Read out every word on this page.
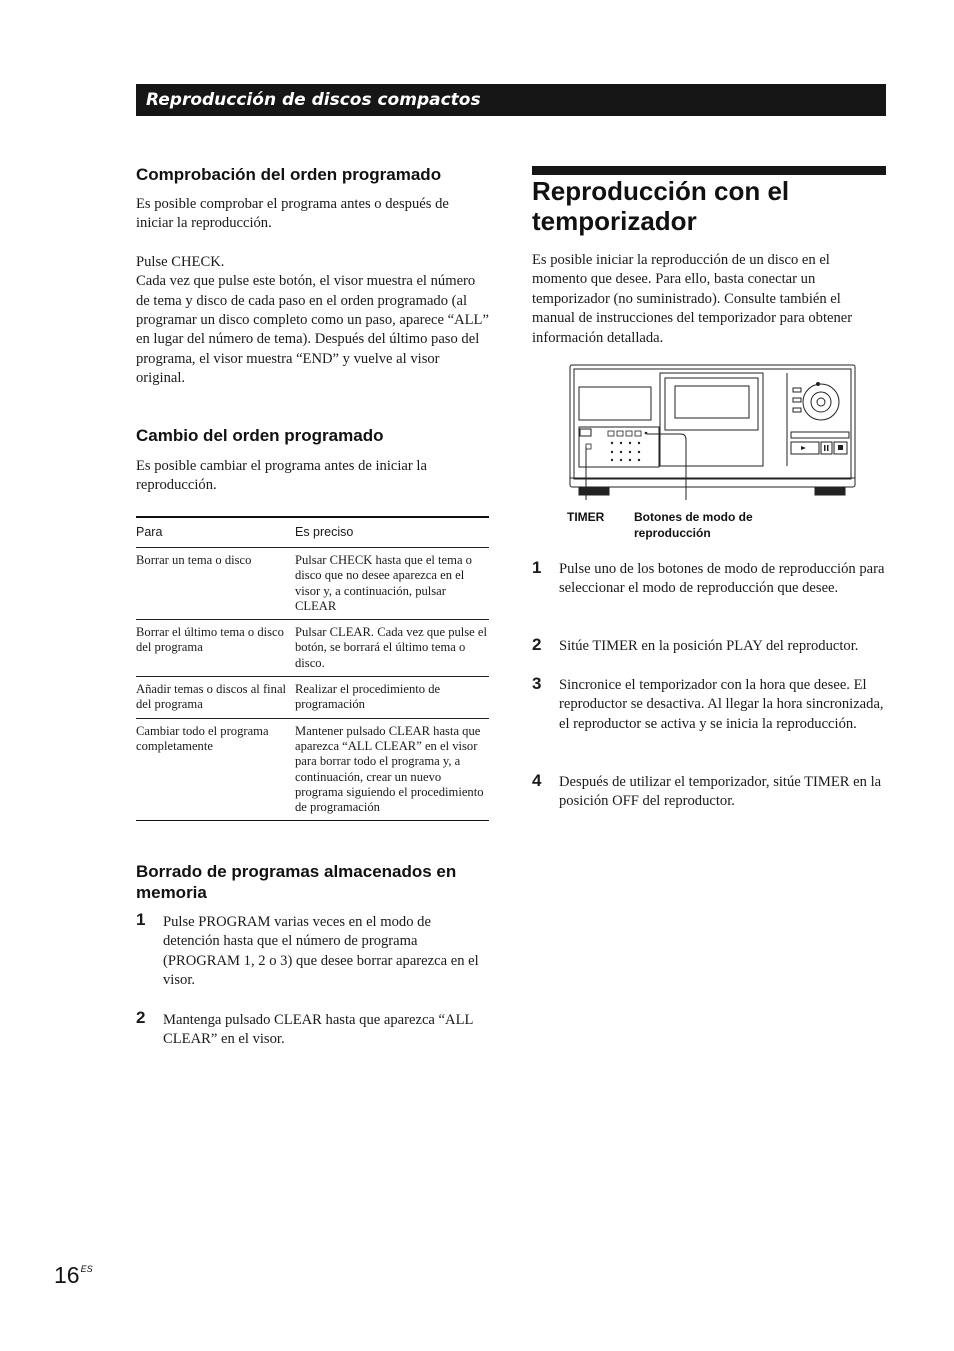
Reproducción de discos compactos
Comprobación del orden programado

Es posible comprobar el programa antes o después de iniciar la reproducción.

Pulse CHECK.

Cada vez que pulse este botón, el visor muestra el número de tema y disco de cada paso en el orden programado (al programar un disco completo como un paso, aparece “ALL” en lugar del número de tema). Después del último paso del programa, el visor muestra “END” y vuelve al visor original.

Cambio del orden programado
Es posible cambiar el programa antes de iniciar la reproducción.
Para	Es preciso
Borrar un tema o disco	Pulsar CHECK hasta que el tema o disco que no desee aparezca en el visor y, a continuación, pulsar CLEAR
Borrar el último tema o disco del programa
Pulsar CLEAR. Cada vez que pulse el botón, se borrará el último tema o disco.
Añadir temas o discos al final del programa
Realizar el procedimiento de programación
Cambiar todo el programa completamente
Mantener pulsado CLEAR hasta que aparezca “ALL CLEAR” en el visor para borrar todo el programa y, a continuación, crear un nuevo programa siguiendo el procedimiento de programación
Borrado de programas almacenados en memoria
1 Pulse PROGRAM varias veces en el modo de detención hasta que el número de programa (PROGRAM 1, 2 o 3) que desee borrar aparezca en el visor.
2 Mantenga pulsado CLEAR hasta que aparezca “ALL CLEAR” en el visor.
Reproducción con el temporizador
Es posible iniciar la reproducción de un disco en el momento que desee. Para ello, basta conectar un temporizador (no suministrado). Consulte también el manual de instrucciones del temporizador para obtener información detallada.
TIMER Botones de modo de reproducción
1 Pulse uno de los botones de modo de reproducción para seleccionar el modo de reproducción que desee.
2 Sitúe TIMER en la posición PLAY del reproductor.
3 Sincronice el temporizador con la hora que desee. El reproductor se desactiva. Al llegar la hora sincronizada, el reproductor se activa y se inicia la reproducción.
4 Después de utilizar el temporizador, sitúe TIMER en la posición OFF del reproductor.
$16^{ES}$
